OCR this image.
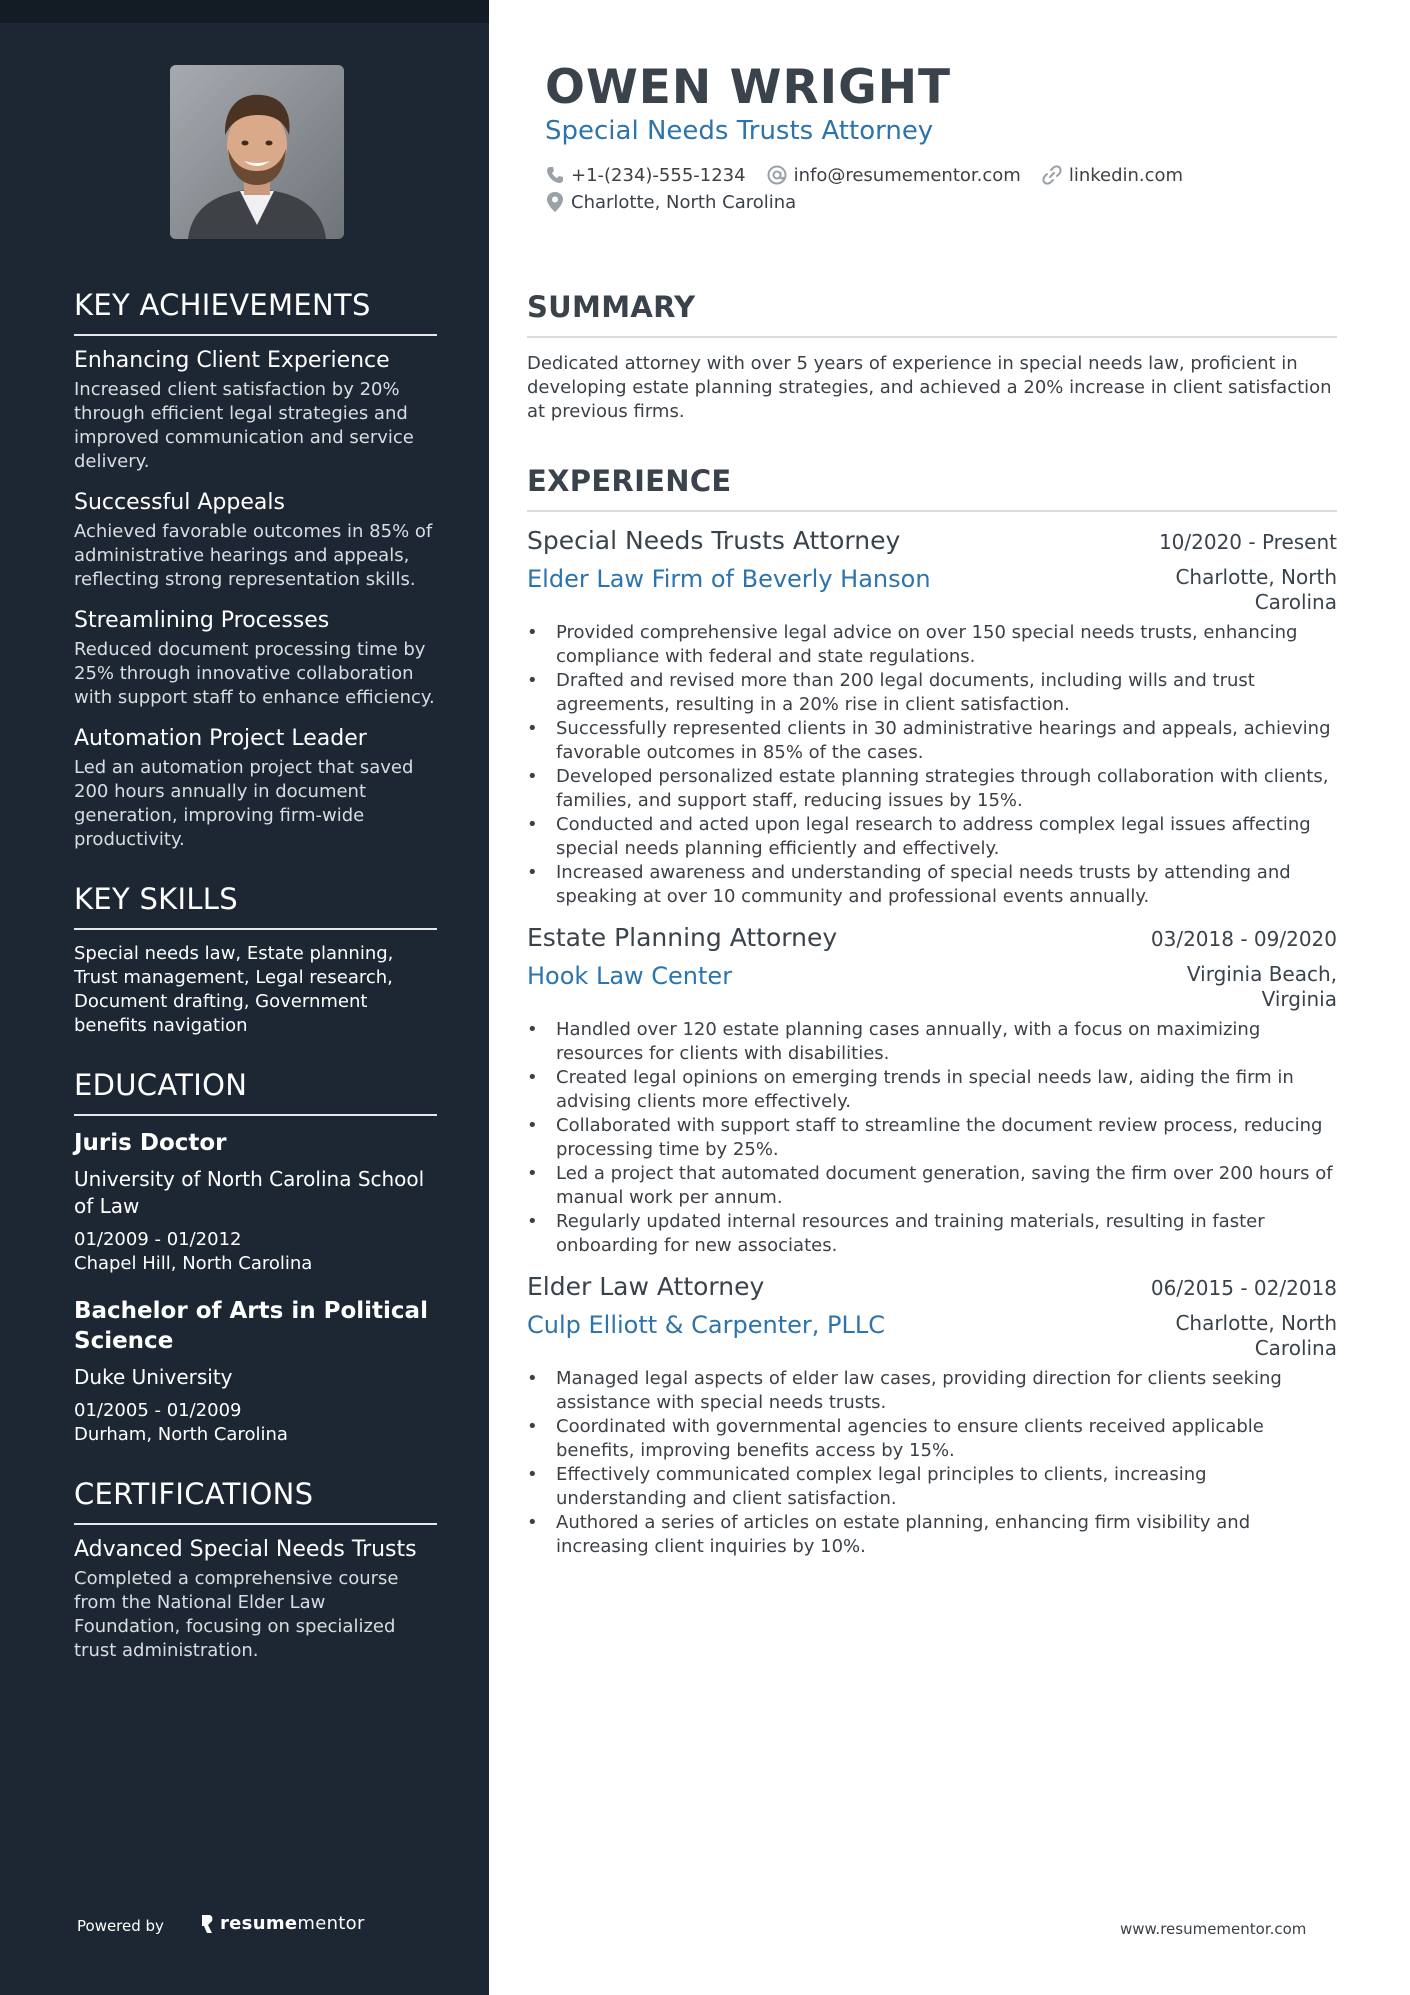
KEY ACHIEVEMENTS
Enhancing Client Experience
Increased client satisfaction by 20% through efficient legal strategies and improved communication and service delivery.
Successful Appeals
Achieved favorable outcomes in 85% of administrative hearings and appeals, reflecting strong representation skills.
Streamlining Processes
Reduced document processing time by 25% through innovative collaboration with support staff to enhance efficiency.
Automation Project Leader
Led an automation project that saved 200 hours annually in document generation, improving firm-wide productivity.
KEY SKILLS
Special needs law, Estate planning, Trust management, Legal research, Document drafting, Government benefits navigation
EDUCATION
Juris Doctor
University of North Carolina School of Law
01/2009 - 01/2012
Chapel Hill, North Carolina
Bachelor of Arts in Political Science
Duke University
01/2005 - 01/2009
Durham, North Carolina
CERTIFICATIONS
Advanced Special Needs Trusts
Completed a comprehensive course from the National Elder Law Foundation, focusing on specialized trust administration.
Powered by	resume mentor
OWEN WRIGHT
Special Needs Trusts Attorney
+1-(234)-555-1234	info@resumementor.com	linkedin.com
Charlotte, North Carolina
SUMMARY

Dedicated attorney with over 5 years of experience in special needs law, proficient in developing estate planning strategies, and achieved a 20% increase in client satisfaction at previous firms.

EXPERIENCE
Special Needs Trusts Attorney	10/2020 - Present
Elder Law Firm of Beverly Hanson	Charlotte, North Carolina
• Provided comprehensive legal advice on over 150 special needs trusts, enhancing compliance with federal and state regulations.
• Drafted and revised more than 200 legal documents, including wills and trust agreements, resulting in a 20% rise in client satisfaction.
• Successfully represented clients in 30 administrative hearings and appeals, achieving favorable outcomes in 85% of the cases.
• Developed personalized estate planning strategies through collaboration with clients, families, and support staff, reducing issues by 15%.
• Conducted and acted upon legal research to address complex legal issues affecting special needs planning efficiently and effectively.
• Increased awareness and understanding of special needs trusts by attending and speaking at over 10 community and professional events annually.
Estate Planning Attorney	03/2018 - 09/2020
Hook Law Center	Virginia Beach, Virginia
• Handled over 120 estate planning cases annually, with a focus on maximizing resources for clients with disabilities.
• Created legal opinions on emerging trends in special needs law, aiding the firm in advising clients more effectively.
• Collaborated with support staff to streamline the document review process, reducing processing time by 25%.
• Led a project that automated document generation, saving the firm over 200 hours of manual work per annum.
• Regularly updated internal resources and training materials, resulting in faster onboarding for new associates.
Elder Law Attorney	06/2015 - 02/2018
Culp Elliott & Carpenter, PLLC	Charlotte, North Carolina
• Managed legal aspects of elder law cases, providing direction for clients seeking assistance with special needs trusts.
• Coordinated with governmental agencies to ensure clients received applicable benefits, improving benefits access by 15%.
• Effectively communicated complex legal principles to clients, increasing understanding and client satisfaction.
• Authored a series of articles on estate planning, enhancing firm visibility and increasing client inquiries by 10%.
www.resumementor.com
